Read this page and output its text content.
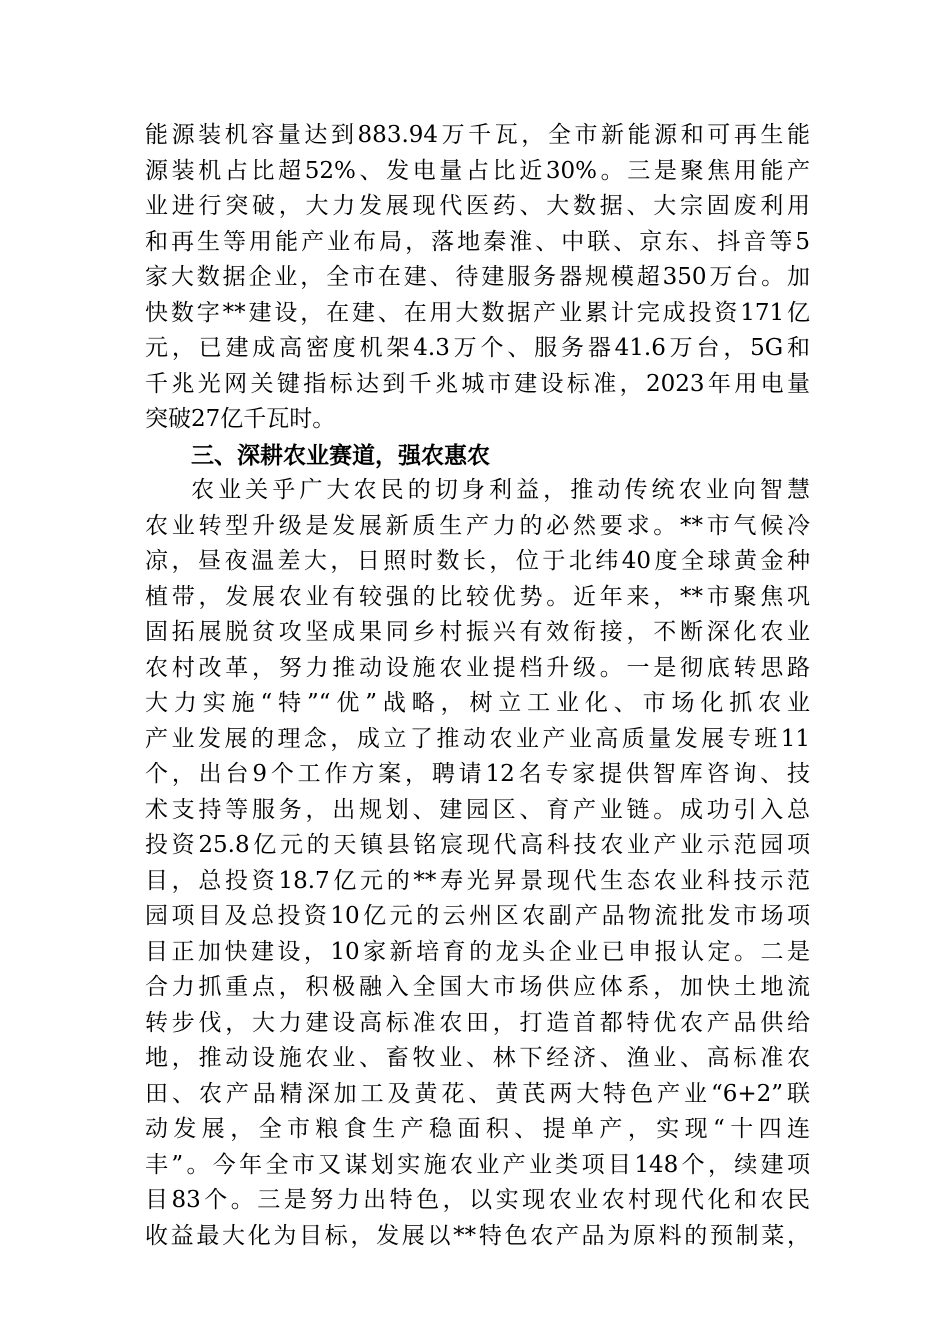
能源装机容量达到883.94万千瓦，全市新能源和可再生能
源装机占比超52%、发电量占比近30%。三是聚焦用能产
业进行突破，大力发展现代医药、大数据、大宗固废利用
和再生等用能产业布局，落地秦淮、中联、京东、抖音等5
家大数据企业，全市在建、待建服务器规模超350万台。加
快数字**建设，在建、在用大数据产业累计完成投资171亿
元，已建成高密度机架4.3万个、服务器41.6万台，5G和
千兆光网关键指标达到千兆城市建设标准，2023年用电量
突破27亿千瓦时。
三、深耕农业赛道，强农惠农
农业关乎广大农民的切身利益，推动传统农业向智慧
农业转型升级是发展新质生产力的必然要求。**市气候冷
凉，昼夜温差大，日照时数长，位于北纬40度全球黄金种
植带，发展农业有较强的比较优势。近年来，**市聚焦巩
固拓展脱贫攻坚成果同乡村振兴有效衔接，不断深化农业
农村改革，努力推动设施农业提档升级。一是彻底转思路
大力实施“特”“优”战略，树立工业化、市场化抓农业
产业发展的理念，成立了推动农业产业高质量发展专班11
个，出台9个工作方案，聘请12名专家提供智库咨询、技
术支持等服务，出规划、建园区、育产业链。成功引入总
投资25.8亿元的天镇县铭宸现代高科技农业产业示范园项
目，总投资18.7亿元的**寿光昇景现代生态农业科技示范
园项目及总投资10亿元的云州区农副产品物流批发市场项
目正加快建设，10家新培育的龙头企业已申报认定。二是
合力抓重点，积极融入全国大市场供应体系，加快土地流
转步伐，大力建设高标准农田，打造首都特优农产品供给
地，推动设施农业、畜牧业、林下经济、渔业、高标准农
田、农产品精深加工及黄花、黄芪两大特色产业“6+2”联
动发展，全市粮食生产稳面积、提单产，实现“十四连
丰”。今年全市又谋划实施农业产业类项目148个，续建项
目83个。三是努力出特色，以实现农业农村现代化和农民
收益最大化为目标，发展以**特色农产品为原料的预制菜，
